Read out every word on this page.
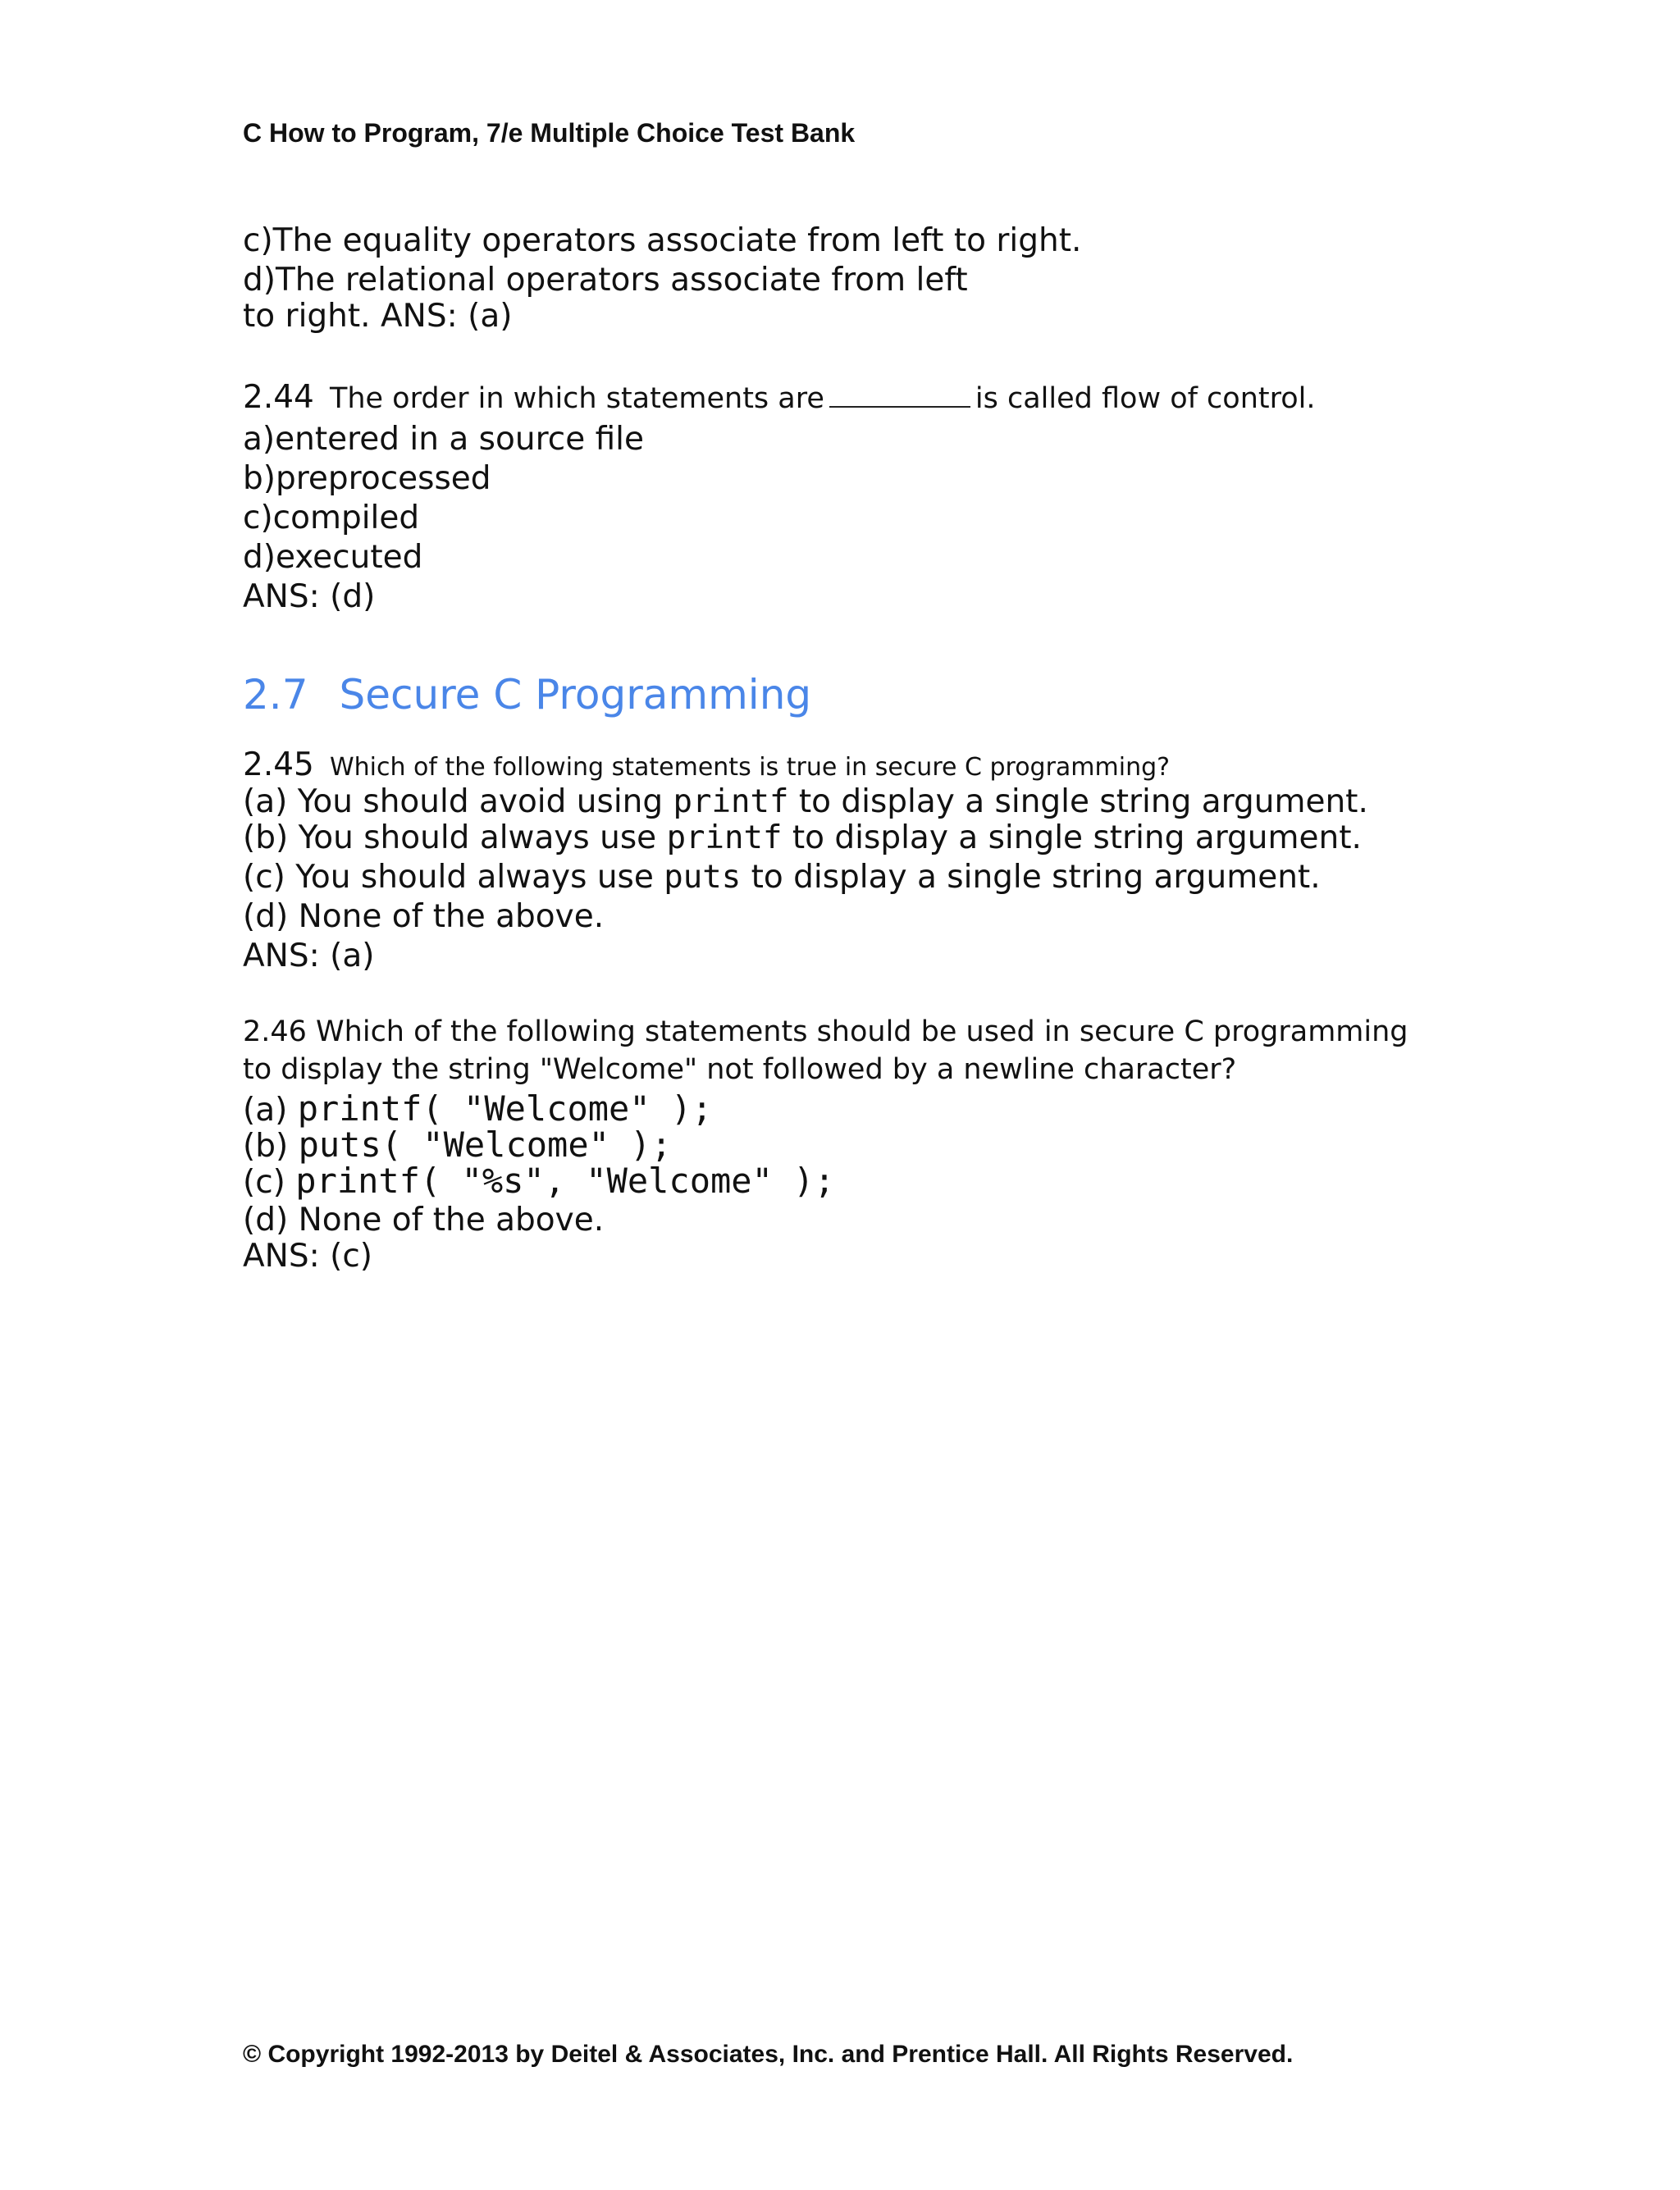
C How to Program, 7/e Multiple Choice Test Bank
c)The equality operators associate from left to right.
d)The relational operators associate from left
to right. ANS: (a)
2.44 The order in which statements are	is called flow of control.
a)entered in a source file
b)preprocessed
c)compiled
d)executed
ANS: (d)
2.7 Secure C Programming
2.45 Which of the following statements is true in secure C programming?
(a) You should avoid using printf to display a single string argument.
(b) You should always use printf to display a single string argument.
(c) You should always use puts to display a single string argument.
(d) None of the above.
ANS: (a)
2.46 Which of the following statements should be used in secure C programming
to display the string "Welcome" not followed by a newline character?
(a) printf( "Welcome" );
(b) puts( "Welcome" );
(c) printf( "%s", "Welcome" );
(d) None of the above.
ANS: (c)
© Copyright 1992-2013 by Deitel & Associates, Inc. and Prentice Hall. All Rights Reserved.
